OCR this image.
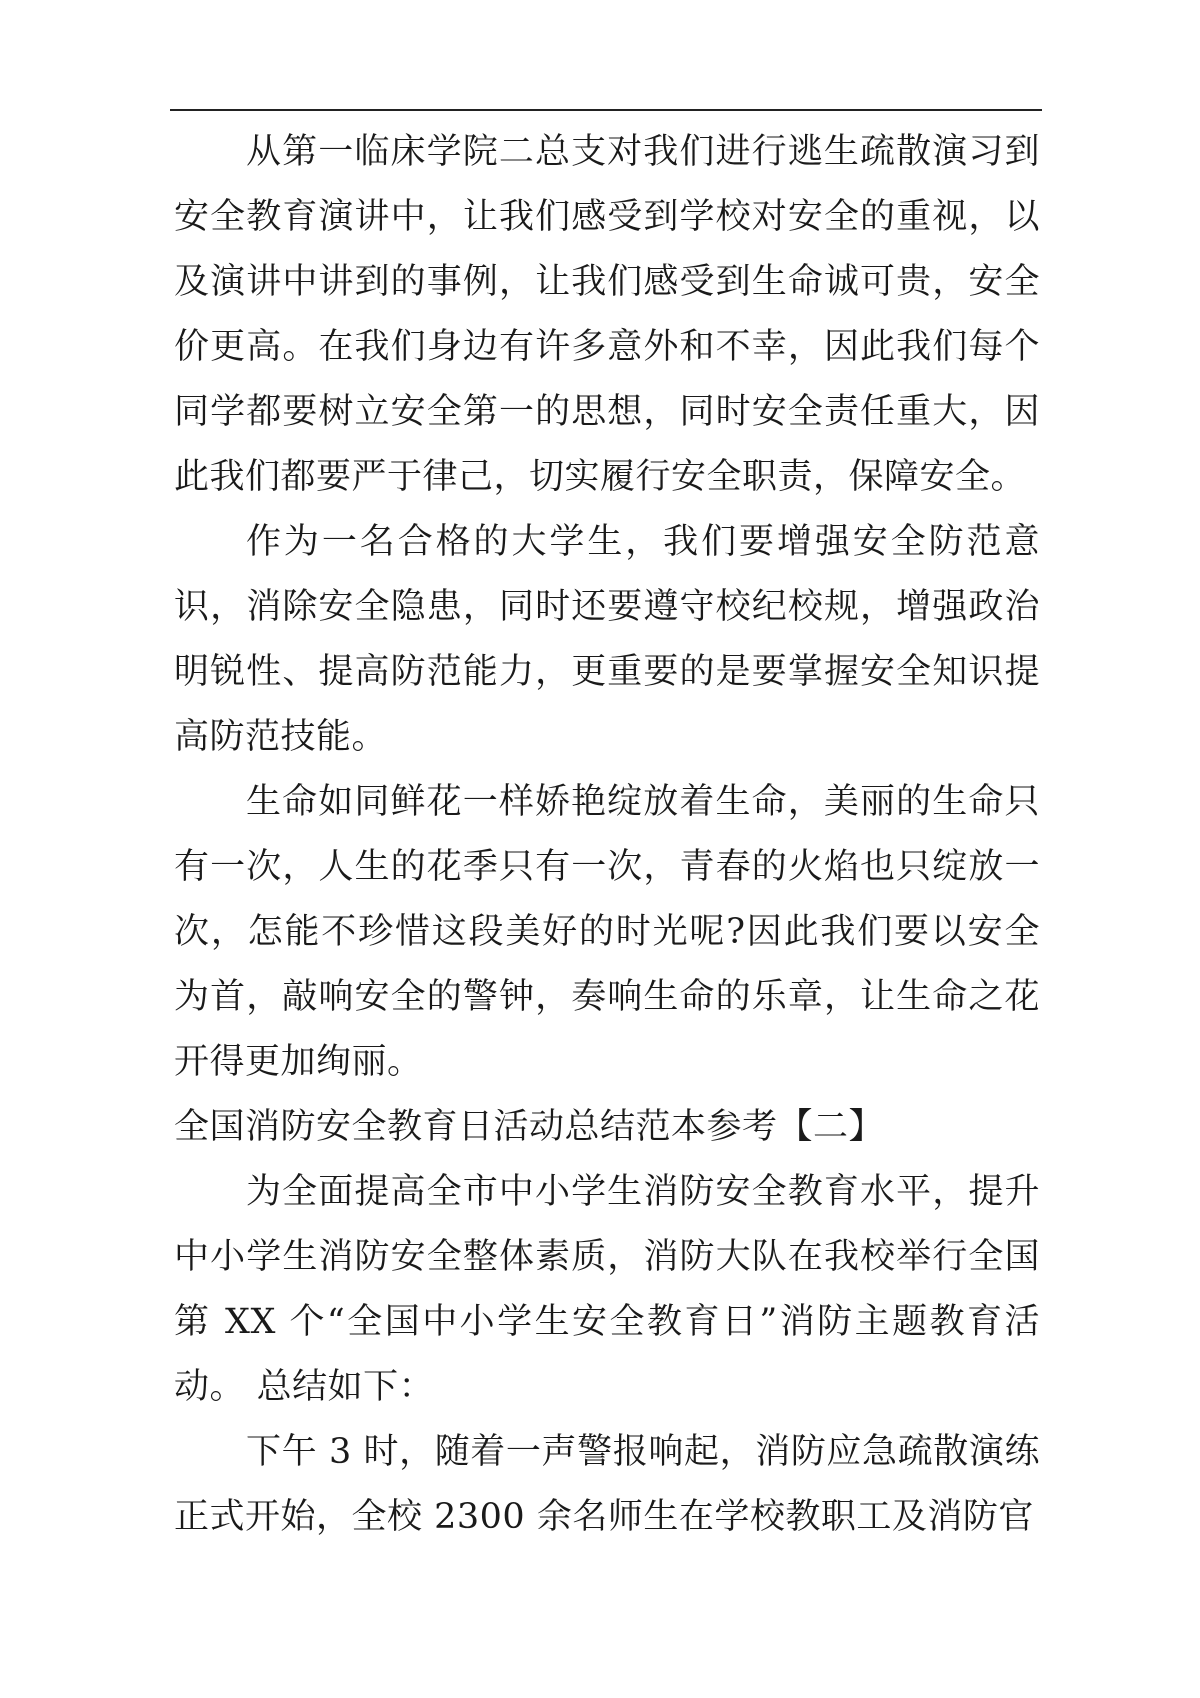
从第一临床学院二总支对我们进行逃生疏散演习到安全教育演讲中，让我们感受到学校对安全的重视，以及演讲中讲到的事例，让我们感受到生命诚可贵，安全价更高。在我们身边有许多意外和不幸，因此我们每个同学都要树立安全第一的思想，同时安全责任重大，因此我们都要严于律己，切实履行安全职责，保障安全。

作为一名合格的大学生，我们要增强安全防范意识，消除安全隐患，同时还要遵守校纪校规，增强政治明锐性、提高防范能力，更重要的是要掌握安全知识提高防范技能。

生命如同鲜花一样娇艳绽放着生命，美丽的生命只有一次，人生的花季只有一次，青春的火焰也只绽放一次，怎能不珍惜这段美好的时光呢?因此我们要以安全为首，敲响安全的警钟，奏响生命的乐章，让生命之花开得更加绚丽。

全国消防安全教育日活动总结范本参考【二】

为全面提高全市中小学生消防安全教育水平，提升中小学生消防安全整体素质，消防大队在我校举行全国第 XX 个“全国中小学生安全教育日”消防主题教育活动。 总结如下：

下午 3 时，随着一声警报响起，消防应急疏散演练正式开始，全校 2300 余名师生在学校教职工及消防官
